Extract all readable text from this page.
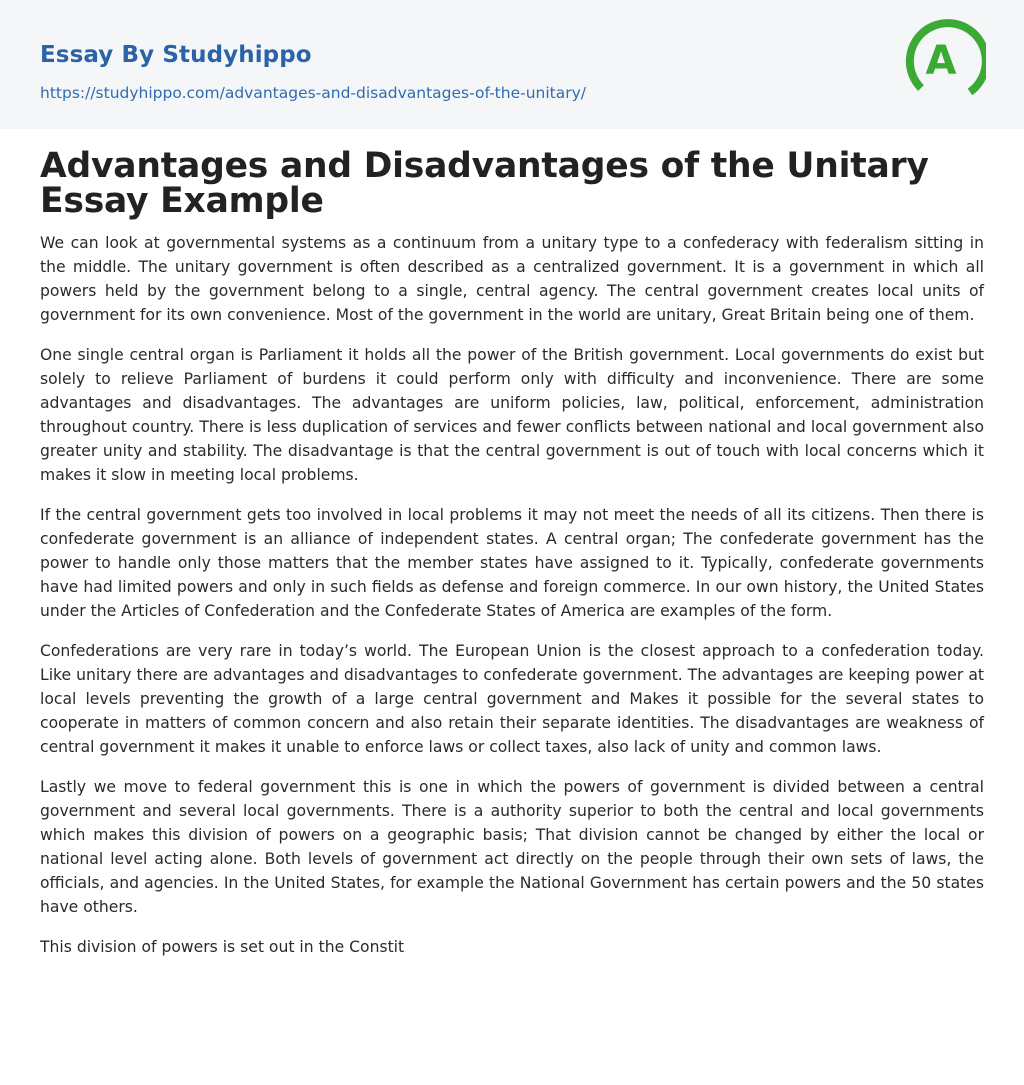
Essay By Studyhippo
https://studyhippo.com/advantages-and-disadvantages-of-the-unitary/
A
Advantages and Disadvantages of the Unitary Essay Example

We can look at governmental systems as a continuum from a unitary type to a confederacy with federalism sitting in the middle. The unitary government is often described as a centralized government. It is a government in which all powers held by the government belong to a single, central agency. The central government creates local units of government for its own convenience. Most of the government in the world are unitary, Great Britain being one of them.

One single central organ is Parliament it holds all the power of the British government. Local governments do exist but solely to relieve Parliament of burdens it could perform only with difficulty and inconvenience. There are some advantages and disadvantages. The advantages are uniform policies, law, political, enforcement, administration throughout country. There is less duplication of services and fewer conflicts between national and local government also greater unity and stability. The disadvantage is that the central government is out of touch with local concerns which it makes it slow in meeting local problems.

If the central government gets too involved in local problems it may not meet the needs of all its citizens. Then there is confederate government is an alliance of independent states. A central organ; The confederate government has the power to handle only those matters that the member states have assigned to it. Typically, confederate governments have had limited powers and only in such fields as defense and foreign commerce. In our own history, the United States under the Articles of Confederation and the Confederate States of America are examples of the form.

Confederations are very rare in today’s world. The European Union is the closest approach to a confederation today. Like unitary there are advantages and disadvantages to confederate government. The advantages are keeping power at local levels preventing the growth of a large central government and Makes it possible for the several states to cooperate in matters of common concern and also retain their separate identities. The disadvantages are weakness of central government it makes it unable to enforce laws or collect taxes, also lack of unity and common laws.

Lastly we move to federal government this is one in which the powers of government is divided between a central government and several local governments. There is a authority superior to both the central and local governments which makes this division of powers on a geographic basis; That division cannot be changed by either the local or national level acting alone. Both levels of government act directly on the people through their own sets of laws, the officials, and agencies. In the United States, for example the National Government has certain powers and the 50 states have others.

This division of powers is set out in the Constit
